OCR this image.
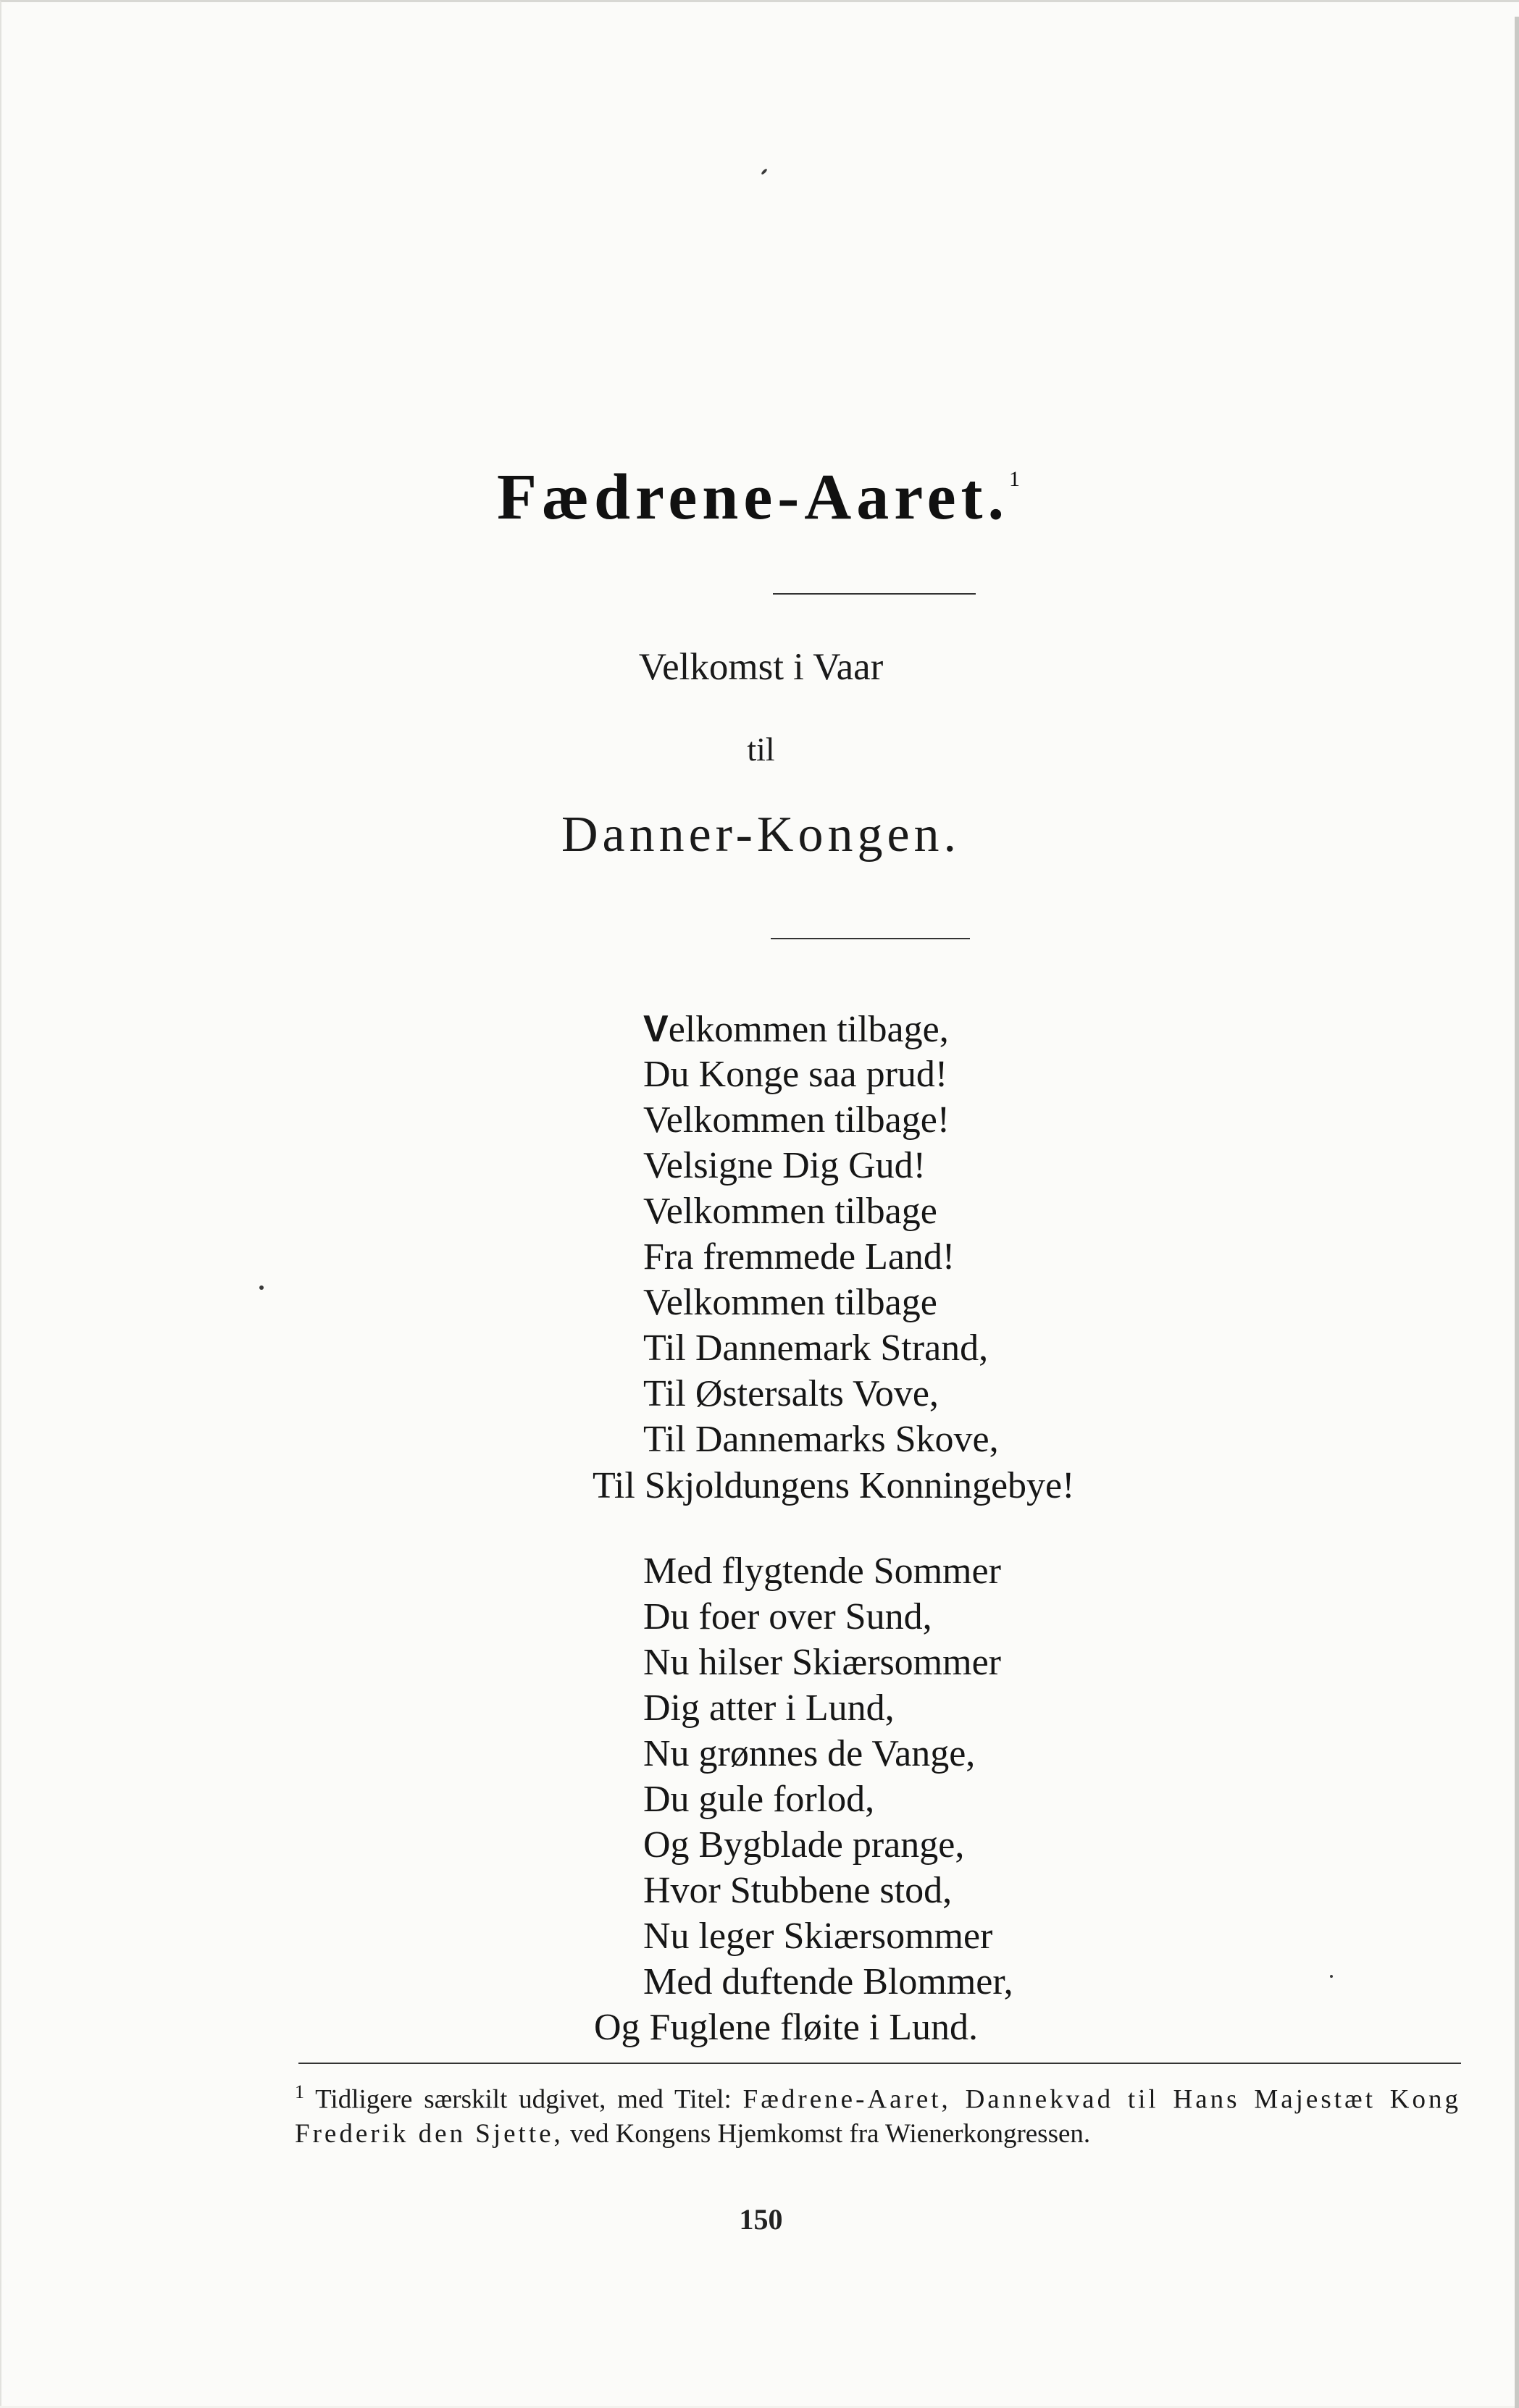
Fædrene-Aaret.$^1$
Velkomst i Vaar
til
Danner-Kongen.
Velkommen tilbage,
Du Konge saa prud!
Velkommen tilbage!
Velsigne Dig Gud!
Velkommen tilbage
Fra fremmede Land!
Velkommen tilbage
Til Dannemark Strand,
Til Østersalts Vove,
Til Dannemarks Skove,
Til Skjoldungens Konningebye!
Med flygtende Sommer
Du foer over Sund,
Nu hilser Skiærsommer
Dig atter i Lund,
Nu grønnes de Vange,
Du gule forlod,
Og Bygblade prange,
Hvor Stubbene stod,
Nu leger Skiærsommer
Med duftende Blommer,
Og Fuglene fløite i Lund.
$^1$ Tidligere særskilt udgivet, med Titel: Fædrene-Aaret, Dannekvad til Hans Majestæt Kong Frederik den Sjette, ved Kongens Hjemkomst fra Wienerkongressen.
150
